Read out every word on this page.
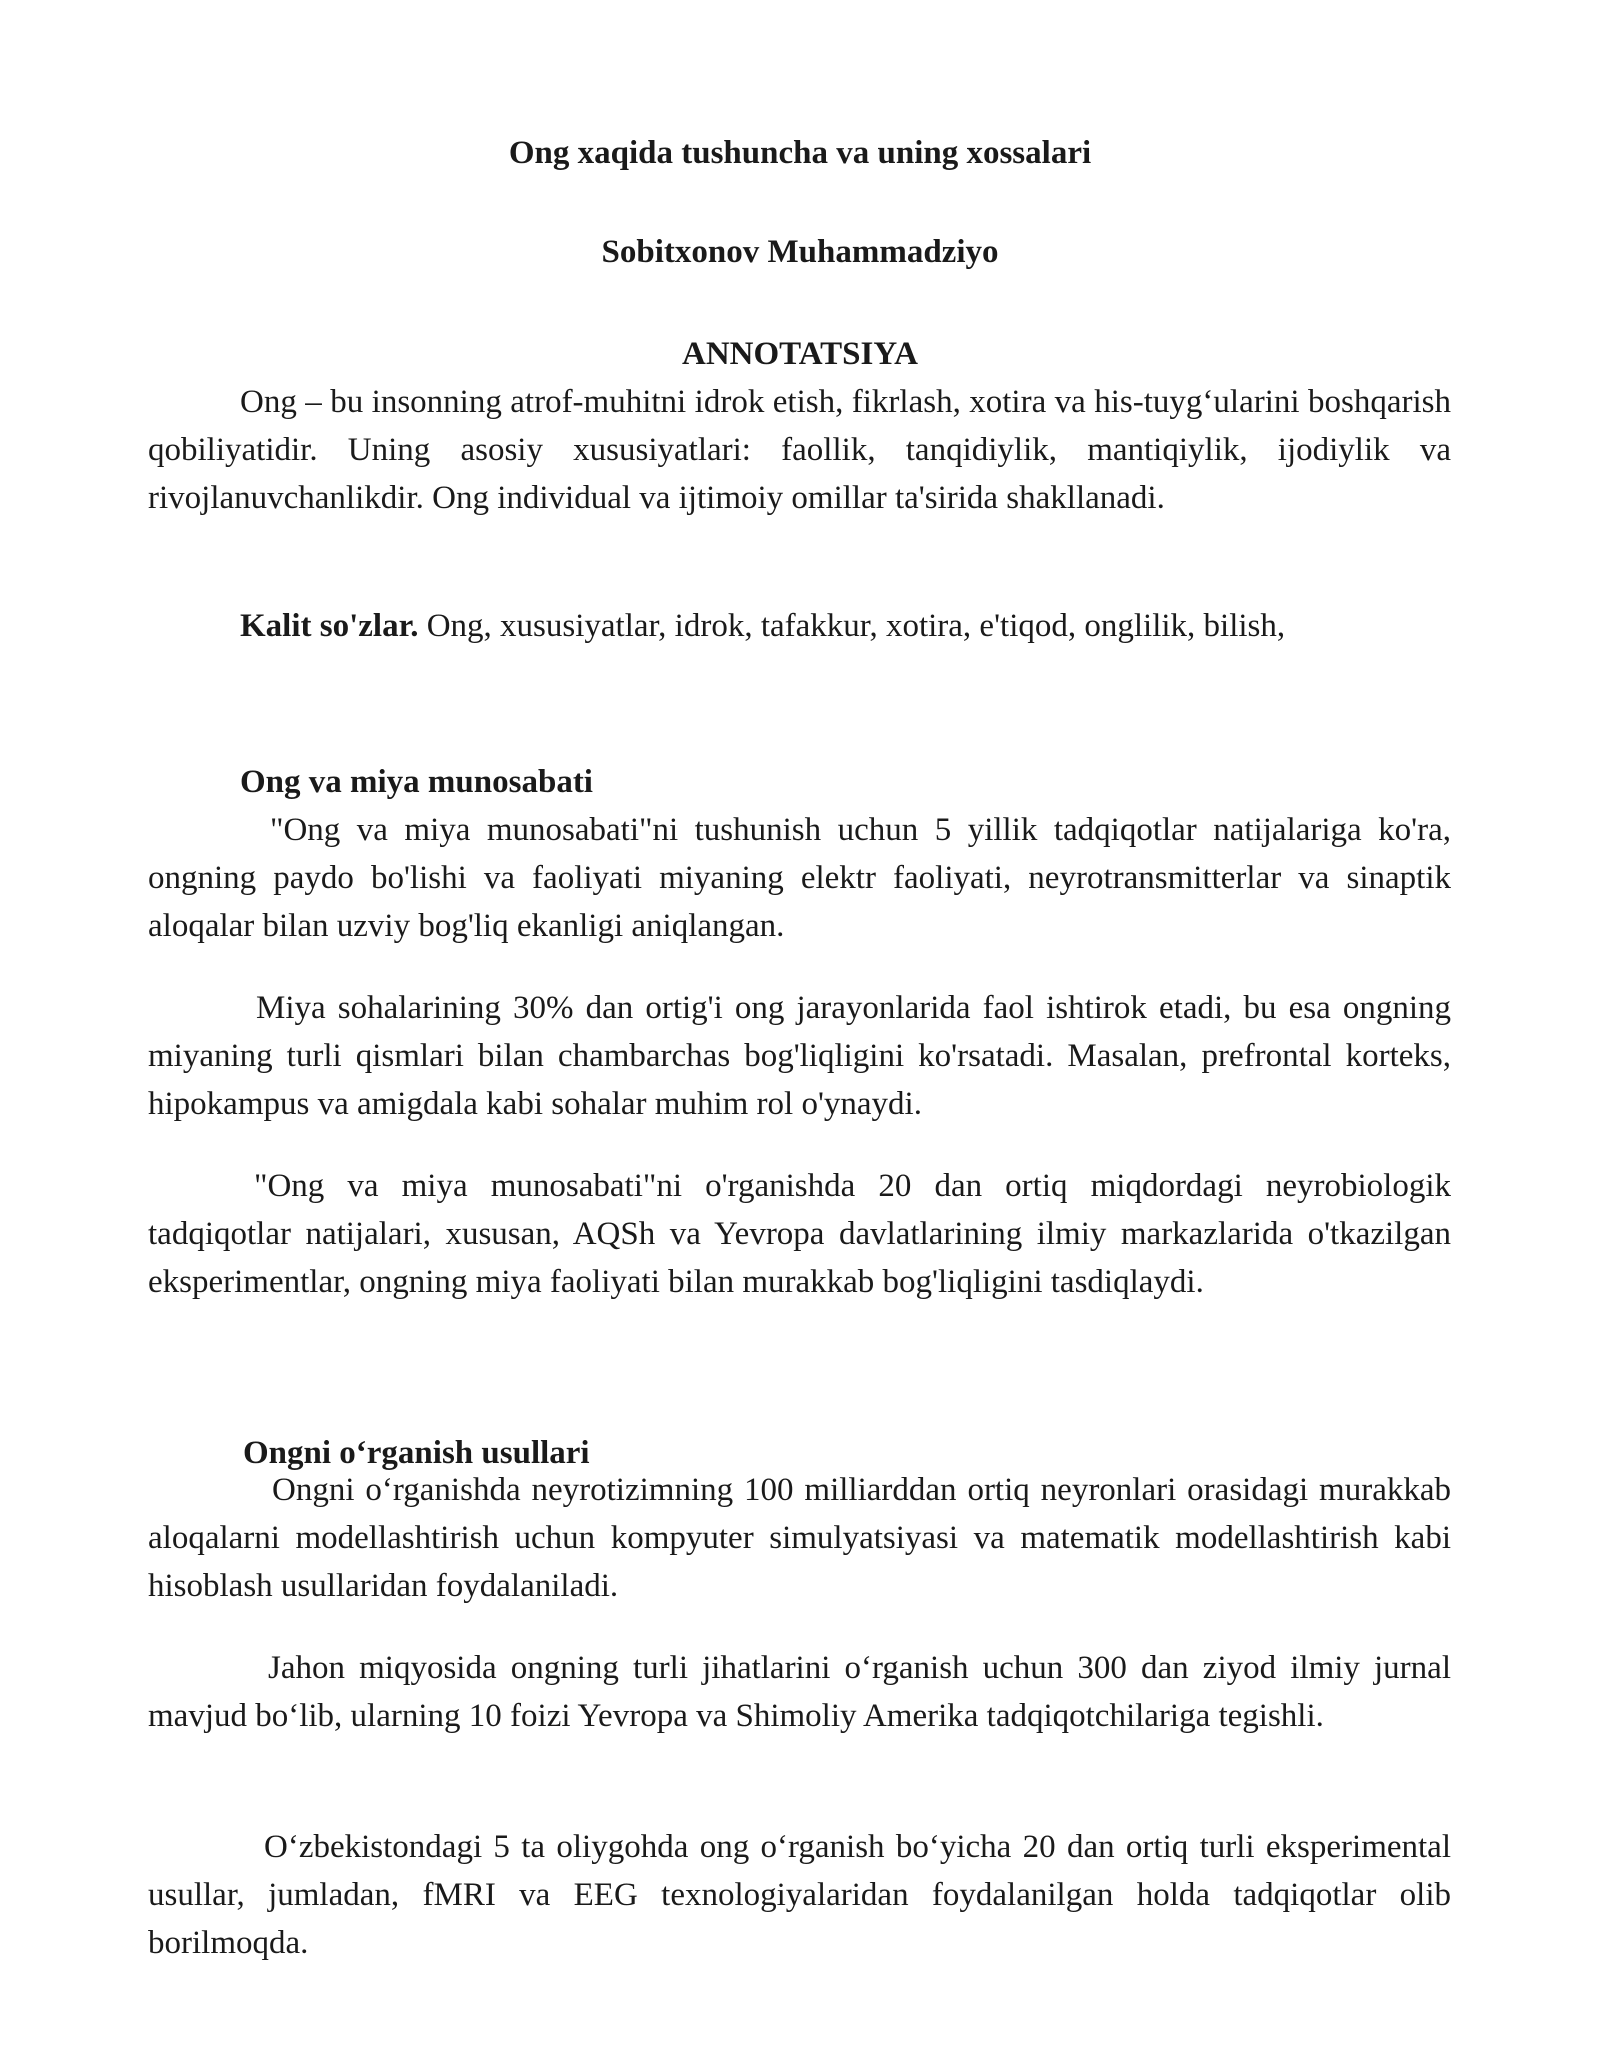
Ong xaqida tushuncha va uning xossalari
Sobitxonov Muhammadziyo
ANNOTATSIYA

Ong – bu insonning atrof-muhitni idrok etish, fikrlash, xotira va his-tuyg‘ularini boshqarish qobiliyatidir. Uning asosiy xususiyatlari: faollik, tanqidiylik, mantiqiylik, ijodiylik va rivojlanuvchanlikdir. Ong individual va ijtimoiy omillar ta'sirida shakllanadi.

Kalit so'zlar. Ong, xususiyatlar, idrok, tafakkur, xotira, e'tiqod, onglilik, bilish,

Ong va miya munosabati

"Ong va miya munosabati"ni tushunish uchun 5 yillik tadqiqotlar natijalariga ko'ra, ongning paydo bo'lishi va faoliyati miyaning elektr faoliyati, neyrotransmitterlar va sinaptik aloqalar bilan uzviy bog'liq ekanligi aniqlangan.

Miya sohalarining 30% dan ortig'i ong jarayonlarida faol ishtirok etadi, bu esa ongning miyaning turli qismlari bilan chambarchas bog'liqligini ko'rsatadi. Masalan, prefrontal korteks, hipokampus va amigdala kabi sohalar muhim rol o'ynaydi.

"Ong va miya munosabati"ni o'rganishda 20 dan ortiq miqdordagi neyrobiologik tadqiqotlar natijalari, xususan, AQSh va Yevropa davlatlarining ilmiy markazlarida o'tkazilgan eksperimentlar, ongning miya faoliyati bilan murakkab bog'liqligini tasdiqlaydi.

Ongni o‘rganish usullari

Ongni o‘rganishda neyrotizimning 100 milliarddan ortiq neyronlari orasidagi murakkab aloqalarni modellashtirish uchun kompyuter simulyatsiyasi va matematik modellashtirish kabi hisoblash usullaridan foydalaniladi.

Jahon miqyosida ongning turli jihatlarini o‘rganish uchun 300 dan ziyod ilmiy jurnal mavjud bo‘lib, ularning 10 foizi Yevropa va Shimoliy Amerika tadqiqotchilariga tegishli.

O‘zbekistondagi 5 ta oliygohda ong o‘rganish bo‘yicha 20 dan ortiq turli eksperimental usullar, jumladan, fMRI va EEG texnologiyalaridan foydalanilgan holda tadqiqotlar olib borilmoqda.
